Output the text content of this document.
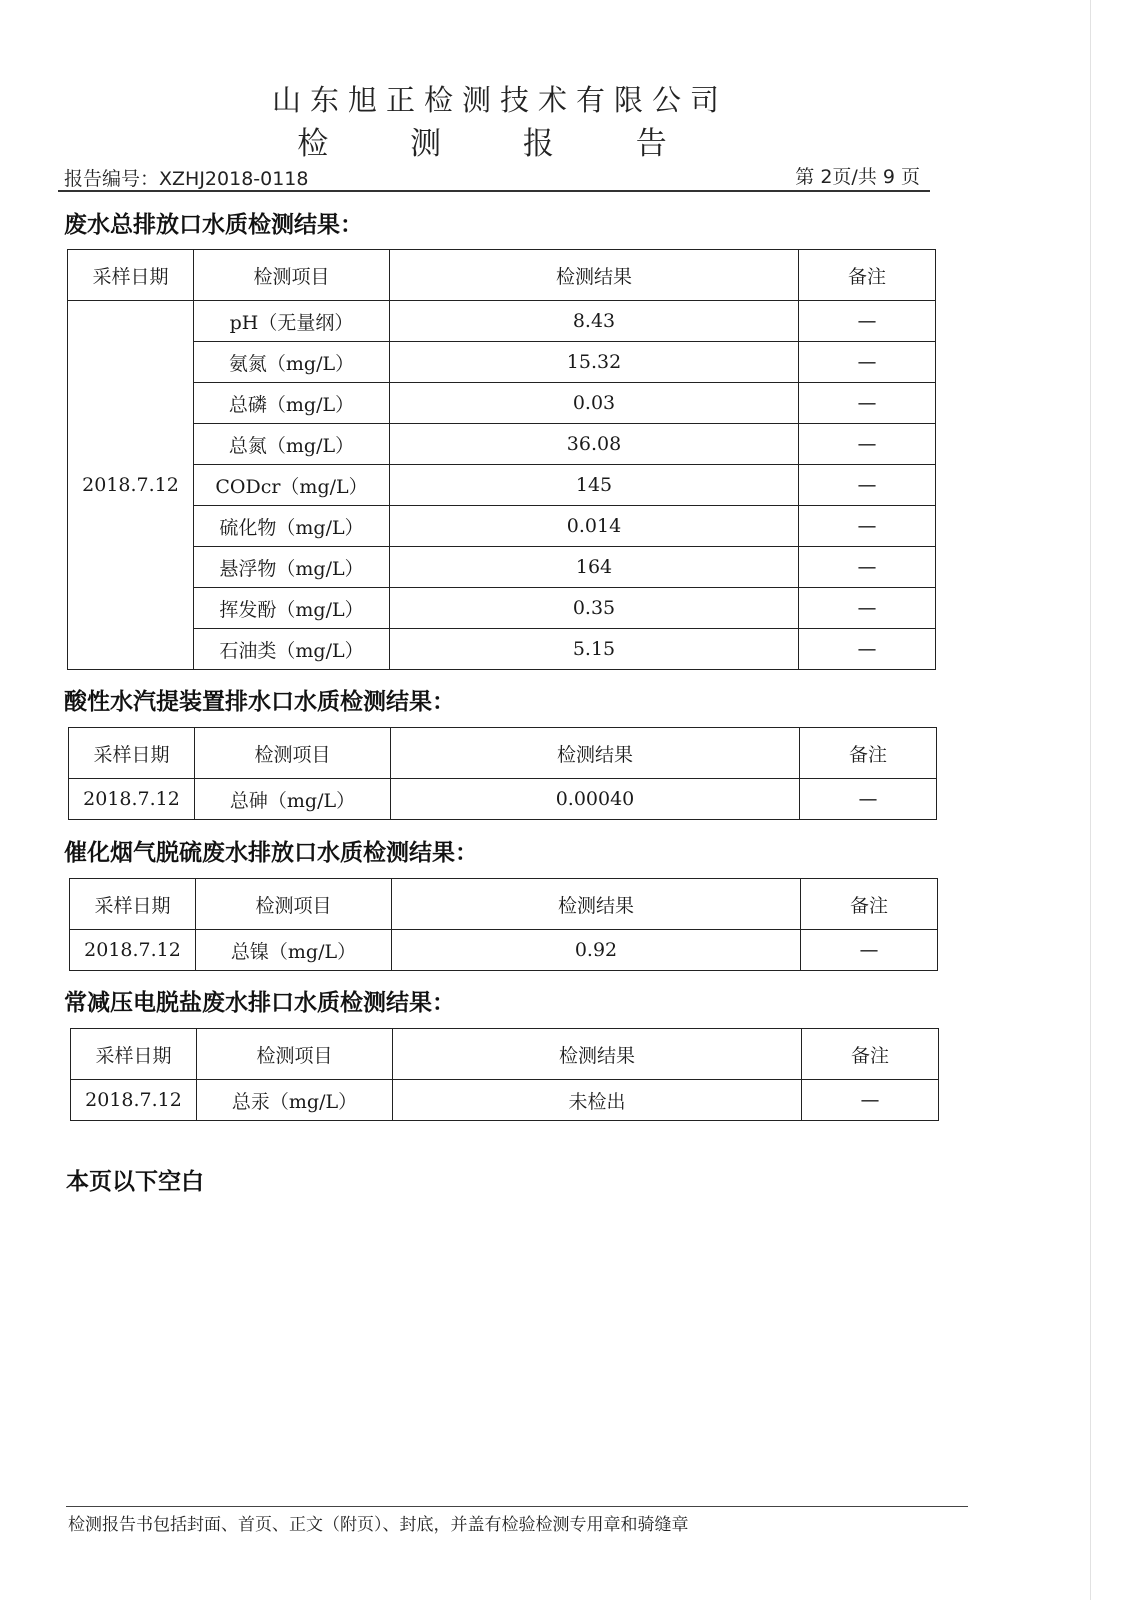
山东旭正检测技术有限公司
检 测 报 告
报告编号：XZHJ2018-0118	第 2页/共 9 页
废水总排放口水质检测结果：
采样日期	检测项目	检测结果	备注
2018.7.12	pH（无量纲）	8.43	—
	氨氮（mg/L）	15.32	—
	总磷（mg/L）	0.03	—
	总氮（mg/L）	36.08	—
	CODcr（mg/L）	145	—
	硫化物（mg/L）	0.014	—
	悬浮物（mg/L）	164	—
	挥发酚（mg/L）	0.35	—
	石油类（mg/L）	5.15	—
酸性水汽提装置排水口水质检测结果：
采样日期	检测项目	检测结果	备注
2018.7.12	总砷（mg/L）	0.00040	—
催化烟气脱硫废水排放口水质检测结果：
采样日期	检测项目	检测结果	备注
2018.7.12	总镍（mg/L）	0.92	—
常减压电脱盐废水排口水质检测结果：
采样日期	检测项目	检测结果	备注
2018.7.12	总汞（mg/L）	未检出	—
本页以下空白
检测报告书包括封面、首页、正文（附页）、封底，并盖有检验检测专用章和骑缝章
